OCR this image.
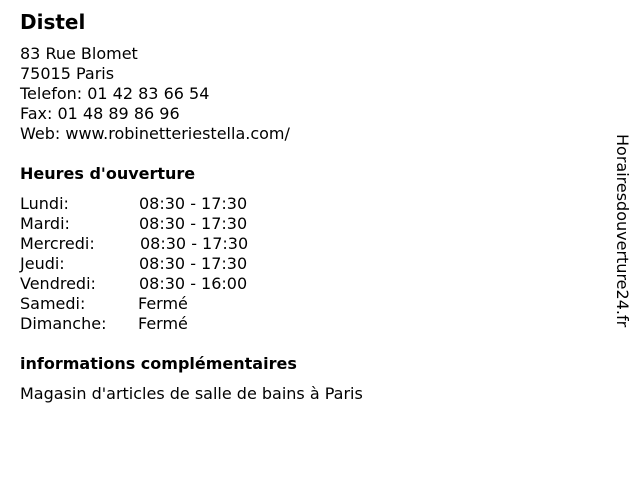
Distel
83 Rue Blomet
75015 Paris
Telefon: 01 42 83 66 54
Fax: 01 48 89 86 96
Web: www.robinetteriestella.com/
Heures d'ouverture
Lundi:	08:30 - 17:30
Mardi:	08:30 - 17:30
Mercredi:	08:30 - 17:30
Jeudi:	08:30 - 17:30
Vendredi:	08:30 - 16:00
Samedi:	Fermé
Dimanche:	Fermé
informations complémentaires

Magasin d'articles de salle de bains à Paris

Horairesdouverture24.fr
